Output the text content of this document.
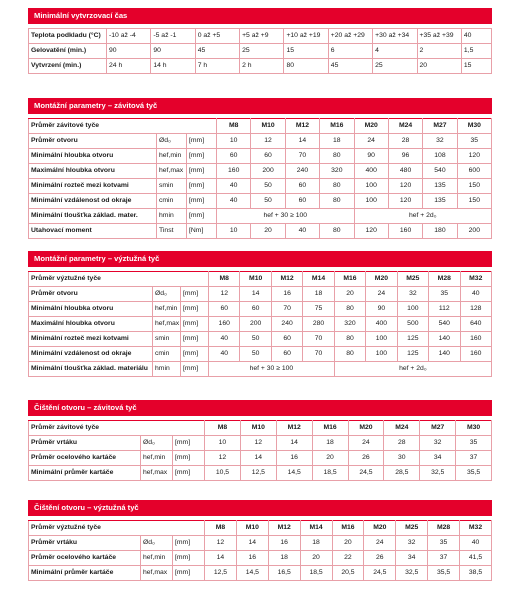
Minimální vytvrzovací čas

Teplota podkladu (°C)	-10 až -4	-5 až -1	0 až +5	+5 až +9	+10 až +19	+20 až +29	+30 až +34	+35 až +39	40
Gelovatění (min.)	90	90	45	25	15	6	4	2	1,5
Vytvrzení (min.)	24 h	14 h	7 h	2 h	80	45	25	20	15
Montážní parametry – závitová tyč

Průměr závitové tyče			M8	M10	M12	M16	M20	M24	M27	M30
Průměr otvoru	Ød₀	[mm]	10	12	14	18	24	28	32	35
Minimální hloubka otvoru	hef,min	[mm]	60	60	70	80	90	96	108	120
Maximální hloubka otvoru	hef,max	[mm]	160	200	240	320	400	480	540	600
Minimální rozteč mezi kotvami	smin	[mm]	40	50	60	80	100	120	135	150
Minimální vzdálenost od okraje	cmin	[mm]	40	50	60	80	100	120	135	150
Minimální tloušťka základ. mater.	hmin	[mm]	hef + 30 ≥ 100				hef + 2d₀			
Utahovací moment	Tinst	[Nm]	10	20	40	80	120	160	180	200
Montážní parametry – výztužná tyč

Průměr výztužné tyče			M8	M10	M12	M14	M16	M20	M25	M28	M32
Průměr otvoru	Ød₀	[mm]	12	14	16	18	20	24	32	35	40
Minimální hloubka otvoru	hef,min	[mm]	60	60	70	75	80	90	100	112	128
Maximální hloubka otvoru	hef,max	[mm]	160	200	240	280	320	400	500	540	640
Minimální rozteč mezi kotvami	smin	[mm]	40	50	60	70	80	100	125	140	160
Minimální vzdálenost od okraje	cmin	[mm]	40	50	60	70	80	100	125	140	160
Minimální tloušťka základ. materiálu	hmin	[mm]	hef + 30 ≥ 100				hef + 2d₀				
Čištění otvoru – závitová tyč

Průměr závitové tyče			M8	M10	M12	M16	M20	M24	M27	M30
Průměr vrtáku	Ød₀	[mm]	10	12	14	18	24	28	32	35
Průměr ocelového kartáče	hef,min	[mm]	12	14	16	20	26	30	34	37
Minimální průměr kartáče	hef,max	[mm]	10,5	12,5	14,5	18,5	24,5	28,5	32,5	35,5
Čištění otvoru – výztužná tyč

Průměr výztužné tyče			M8	M10	M12	M14	M16	M20	M25	M28	M32
Průměr vrtáku	Ød₀	[mm]	12	14	16	18	20	24	32	35	40
Průměr ocelového kartáče	hef,min	[mm]	14	16	18	20	22	26	34	37	41,5
Minimální průměr kartáče	hef,max	[mm]	12,5	14,5	16,5	18,5	20,5	24,5	32,5	35,5	38,5
